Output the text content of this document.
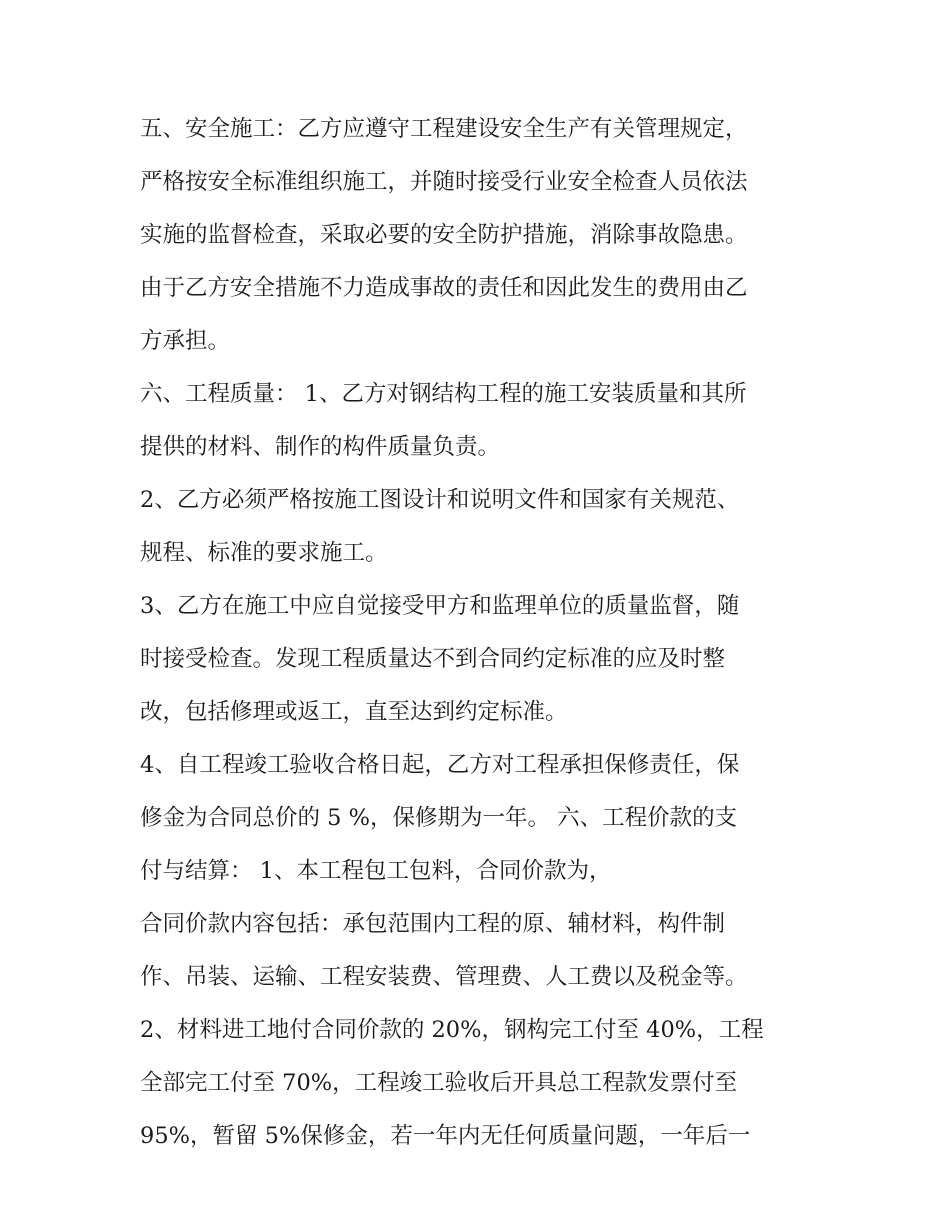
五、安全施工：乙方应遵守工程建设安全生产有关管理规定，
严格按安全标准组织施工，并随时接受行业安全检查人员依法
实施的监督检查，采取必要的安全防护措施，消除事故隐患。
由于乙方安全措施不力造成事故的责任和因此发生的费用由乙
方承担。
六、工程质量： 1、乙方对钢结构工程的施工安装质量和其所
提供的材料、制作的构件质量负责。
2、乙方必须严格按施工图设计和说明文件和国家有关规范、
规程、标准的要求施工。
3、乙方在施工中应自觉接受甲方和监理单位的质量监督，随
时接受检查。发现工程质量达不到合同约定标准的应及时整
改，包括修理或返工，直至达到约定标准。
4、自工程竣工验收合格日起，乙方对工程承担保修责任，保
修金为合同总价的 5 %，保修期为一年。 六、工程价款的支
付与结算： 1、本工程包工包料，合同价款为，
合同价款内容包括：承包范围内工程的原、辅材料，构件制
作、吊装、运输、工程安装费、管理费、人工费以及税金等。
2、材料进工地付合同价款的 20%，钢构完工付至 40%，工程
全部完工付至 70%，工程竣工验收后开具总工程款发票付至
95%，暂留 5%保修金，若一年内无任何质量问题，一年后一
